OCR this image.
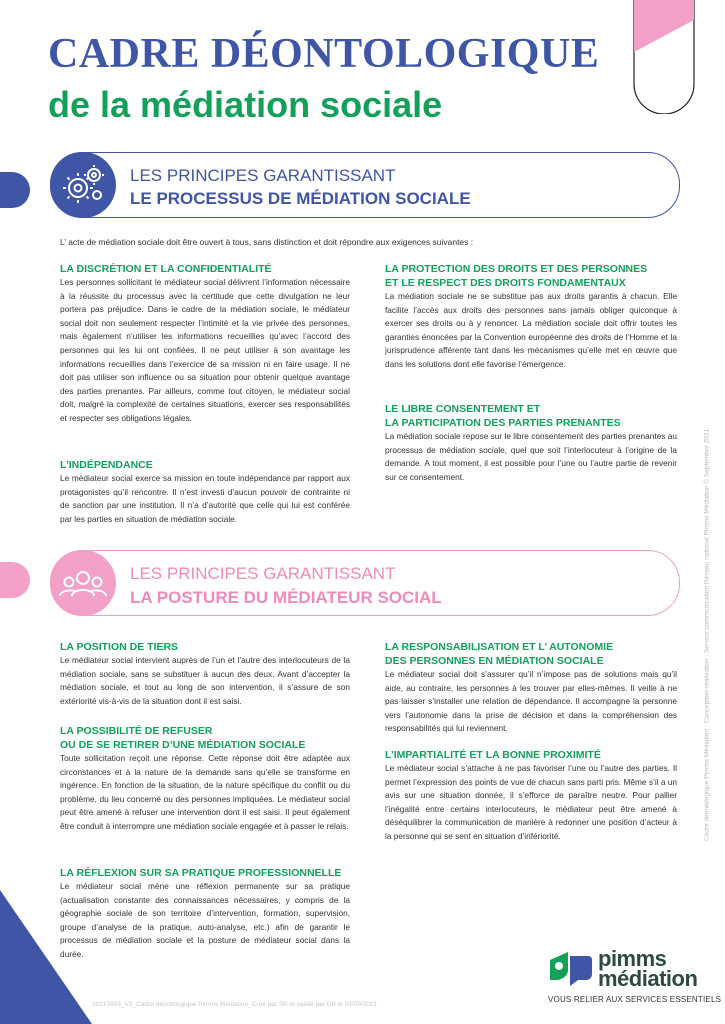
CADRE DÉONTOLOGIQUE
de la médiation sociale
LES PRINCIPES GARANTISSANT
LE PROCESSUS DE MÉDIATION SOCIALE
L’ acte de médiation sociale doit être ouvert à tous, sans distinction et doit répondre aux exigences suivantes :
LA DISCRÉTION ET LA CONFIDENTIALITÉ
Les personnes sollicitant le médiateur social délivrent l’information nécessaire à la réussite du processus avec la certitude que cette divulgation ne leur portera pas préjudice. Dans le cadre de la médiation sociale, le médiateur social doit non seulement respecter l’intimité et la vie privée des personnes, mais également n’utiliser les informations recueillies qu’avec l’accord des personnes qui les lui ont confiées. Il ne peut utiliser à son avantage les informations recueillies dans l’exercice de sa mission ni en faire usage. Il ne doit pas utiliser son influence ou sa situation pour obtenir quelque avantage des parties prenantes. Par ailleurs, comme tout citoyen, le médiateur social doit, malgré la complexité de certaines situations, exercer ses responsabilités et respecter ses obligations légales.
L’INDÉPENDANCE
Le médiateur social exerce sa mission en toute indépendance par rapport aux protagonistes qu’il rencontre. Il n’est investi d’aucun pouvoir de contrainte ni de sanction par une institution. Il n’a d’autorité que celle qui lui est conférée par les parties en situation de médiation sociale.
LA PROTECTION DES DROITS ET DES PERSONNES
ET LE RESPECT DES DROITS FONDAMENTAUX
La médiation sociale ne se substitue pas aux droits garantis à chacun. Elle facilite l’accès aux droits des personnes sans jamais obliger quiconque à exercer ses droits ou à y renoncer. La médiation sociale doit offrir toutes les garanties énoncées par la Convention européenne des droits de l’Homme et la jurisprudence afférente tant dans les mécanismes qu’elle met en œuvre que dans les solutions dont elle favorise l’émergence.
LE LIBRE CONSENTEMENT ET
LA PARTICIPATION DES PARTIES PRENANTES
La médiation sociale repose sur le libre consentement des parties prenantes au processus de médiation sociale, quel que soit l’interlocuteur à l’origine de la demande. A tout moment, il est possible pour l’une ou l’autre partie de revenir sur ce consentement.
LES PRINCIPES GARANTISSANT
LA POSTURE DU MÉDIATEUR SOCIAL
LA POSITION DE TIERS
Le médiateur social intervient auprès de l’un et l’autre des interlocuteurs de la médiation sociale, sans se substituer à aucun des deux. Avant d’accepter la médiation sociale, et tout au long de son intervention, il s’assure de son extériorité vis-à-vis de la situation dont il est saisi.
LA POSSIBILITÉ DE REFUSER
OU DE SE RETIRER D’UNE MÉDIATION SOCIALE
Toute sollicitation reçoit une réponse. Cette réponse doit être adaptée aux circonstances et à la nature de la demande sans qu’elle se transforme en ingérence. En fonction de la situation, de la nature spécifique du conflit ou du problème, du lieu concerné ou des personnes impliquées. Le médiateur social peut être amené à refuser une intervention dont il est saisi. Il peut également être conduit à interrompre une médiation sociale engagée et à passer le relais.
LA RÉFLEXION SUR SA PRATIQUE PROFESSIONNELLE
Le médiateur social mène une réflexion permanente sur sa pratique (actualisation constante des connaissances nécessaires, y compris de la géographie sociale de son territoire d’intervention, formation, supervision, groupe d’analyse de la pratique, auto-analyse, etc.) afin de garantir le processus de médiation sociale et la posture de médiateur social dans la durée.
LA RESPONSABILISATION ET L’ AUTONOMIE
DES PERSONNES EN MÉDIATION SOCIALE
Le médiateur social doit s’assurer qu’il n’impose pas de solutions mais qu’il aide, au contraire, les personnes à les trouver par elles-mêmes. Il veille à ne pas laisser s’installer une relation de dépendance. Il accompagne la personne vers l’autonomie dans la prise de décision et dans la compréhension des responsabilités qui lui reviennent.
L’IMPARTIALITÉ ET LA BONNE PROXIMITÉ
Le médiateur social s’attache à ne pas favoriser l’une ou l’autre des parties. Il permet l’expression des points de vue de chacun sans parti pris. Même s’il a un avis sur une situation donnée, il s’efforce de paraître neutre. Pour pallier l’inégalité entre certains interlocuteurs, le médiateur peut être amené à déséquilibrer la communication de manière à redonner une position d’acteur à la personne qui se sent en situation d’infériorité.	Cadre déontologique Pimms Médiation - Conception-réalisation : Service communication Réseau national Pimms Médiation © Septembre 2021
20210903_V2_Cadre déontologique Pimms Médiation_Créé par SR et validé par DB le 03/09/2021
pimms
médiation
VOUS RELIER AUX SERVICES ESSENTIELS
